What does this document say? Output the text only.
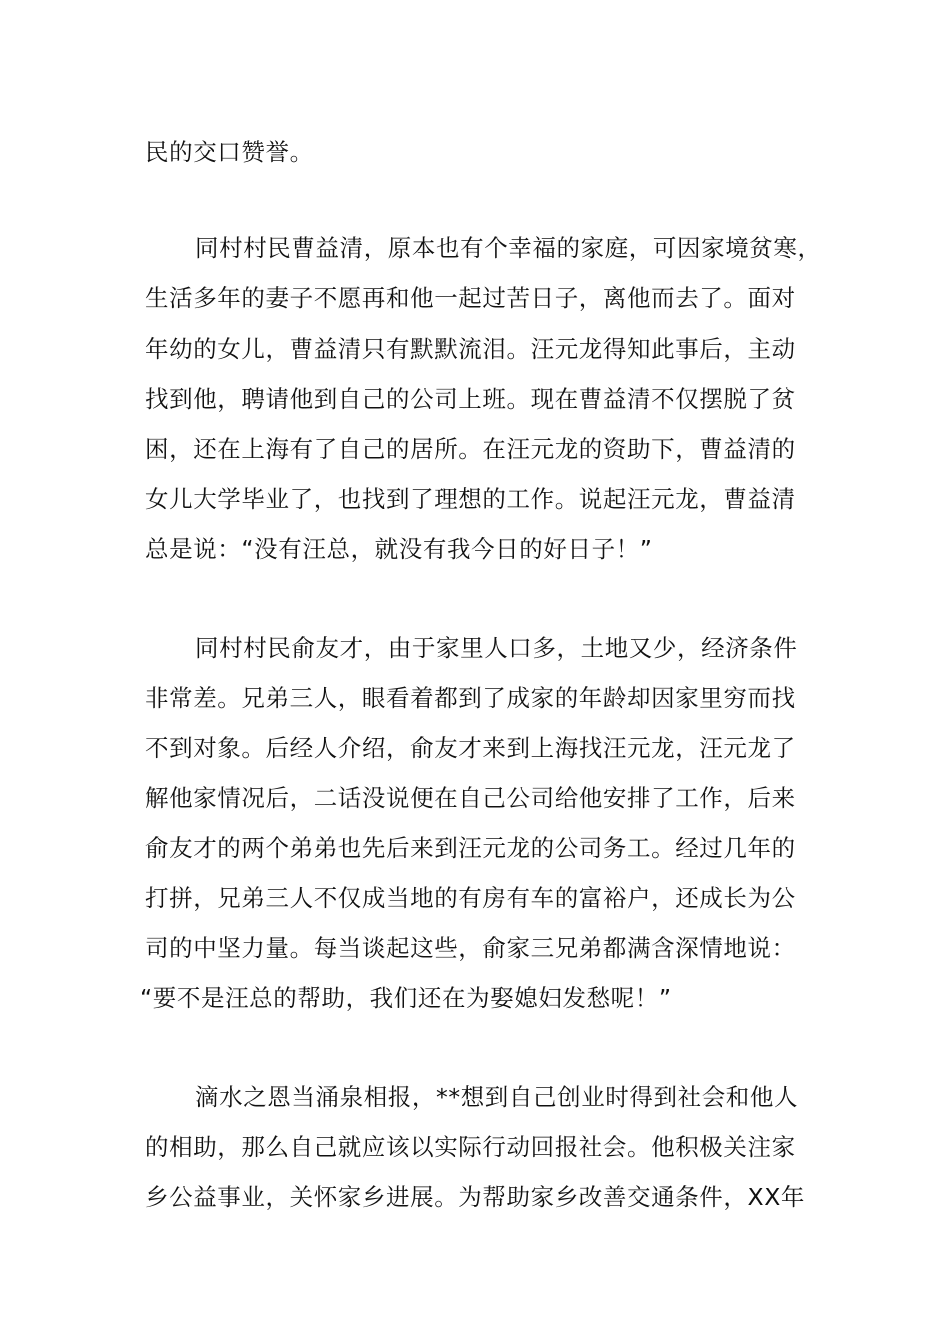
民的交口赞誉。
同村村民曹益清，原本也有个幸福的家庭，可因家境贫寒，
生活多年的妻子不愿再和他一起过苦日子，离他而去了。面对
年幼的女儿，曹益清只有默默流泪。汪元龙得知此事后，主动
找到他，聘请他到自己的公司上班。现在曹益清不仅摆脱了贫
困，还在上海有了自己的居所。在汪元龙的资助下，曹益清的
女儿大学毕业了，也找到了理想的工作。说起汪元龙，曹益清
总是说：“没有汪总，就没有我今日的好日子！”
同村村民俞友才，由于家里人口多，土地又少，经济条件
非常差。兄弟三人，眼看着都到了成家的年龄却因家里穷而找
不到对象。后经人介绍，俞友才来到上海找汪元龙，汪元龙了
解他家情况后，二话没说便在自己公司给他安排了工作，后来
俞友才的两个弟弟也先后来到汪元龙的公司务工。经过几年的
打拼，兄弟三人不仅成当地的有房有车的富裕户，还成长为公
司的中坚力量。每当谈起这些，俞家三兄弟都满含深情地说：
“要不是汪总的帮助，我们还在为娶媳妇发愁呢！”
滴水之恩当涌泉相报，**想到自己创业时得到社会和他人
的相助，那么自己就应该以实际行动回报社会。他积极关注家
乡公益事业，关怀家乡进展。为帮助家乡改善交通条件，XX年
